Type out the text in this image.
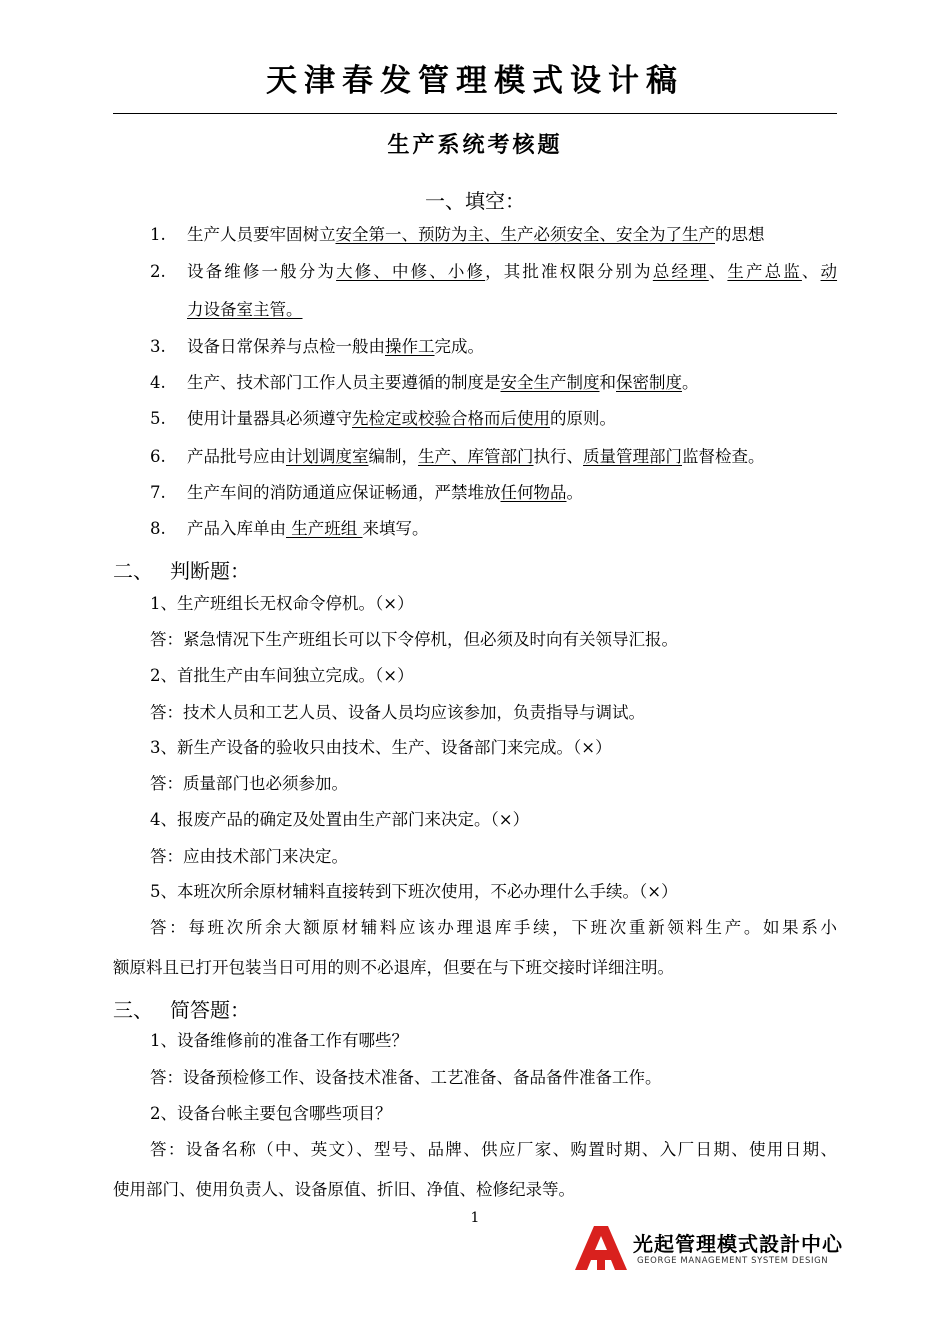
天津春发管理模式设计稿
生产系统考核题
一、填空：
1. 生产人员要牢固树立安全第一、预防为主、生产必须安全、安全为了生产的思想
2. 设备维修一般分为大修、中修、小修，其批准权限分别为总经理、生产总监、动
力设备室主管。
3. 设备日常保养与点检一般由操作工完成。
4. 生产、技术部门工作人员主要遵循的制度是安全生产制度和保密制度。
5. 使用计量器具必须遵守先检定或校验合格而后使用的原则。
6. 产品批号应由计划调度室编制，生产、库管部门执行、质量管理部门监督检查。
7. 生产车间的消防通道应保证畅通，严禁堆放任何物品。
8. 产品入库单由 生产班组 来填写。
二、 判断题：
1、生产班组长无权命令停机。（×）
答：紧急情况下生产班组长可以下令停机，但必须及时向有关领导汇报。
2、首批生产由车间独立完成。（×）
答：技术人员和工艺人员、设备人员均应该参加，负责指导与调试。
3、新生产设备的验收只由技术、生产、设备部门来完成。（×）
答：质量部门也必须参加。
4、报废产品的确定及处置由生产部门来决定。（×）
答：应由技术部门来决定。
5、本班次所余原材辅料直接转到下班次使用，不必办理什么手续。（×）
答：每班次所余大额原材辅料应该办理退库手续，下班次重新领料生产。如果系小
额原料且已打开包装当日可用的则不必退库，但要在与下班交接时详细注明。
三、 简答题：
1、设备维修前的准备工作有哪些？
答：设备预检修工作、设备技术准备、工艺准备、备品备件准备工作。
2、设备台帐主要包含哪些项目？
答：设备名称（中、英文）、型号、品牌、供应厂家、购置时期、入厂日期、使用日期、
使用部门、使用负责人、设备原值、折旧、净值、检修纪录等。
1
光起管理模式設計中心
GEORGE MANAGEMENT SYSTEM DESIGN
